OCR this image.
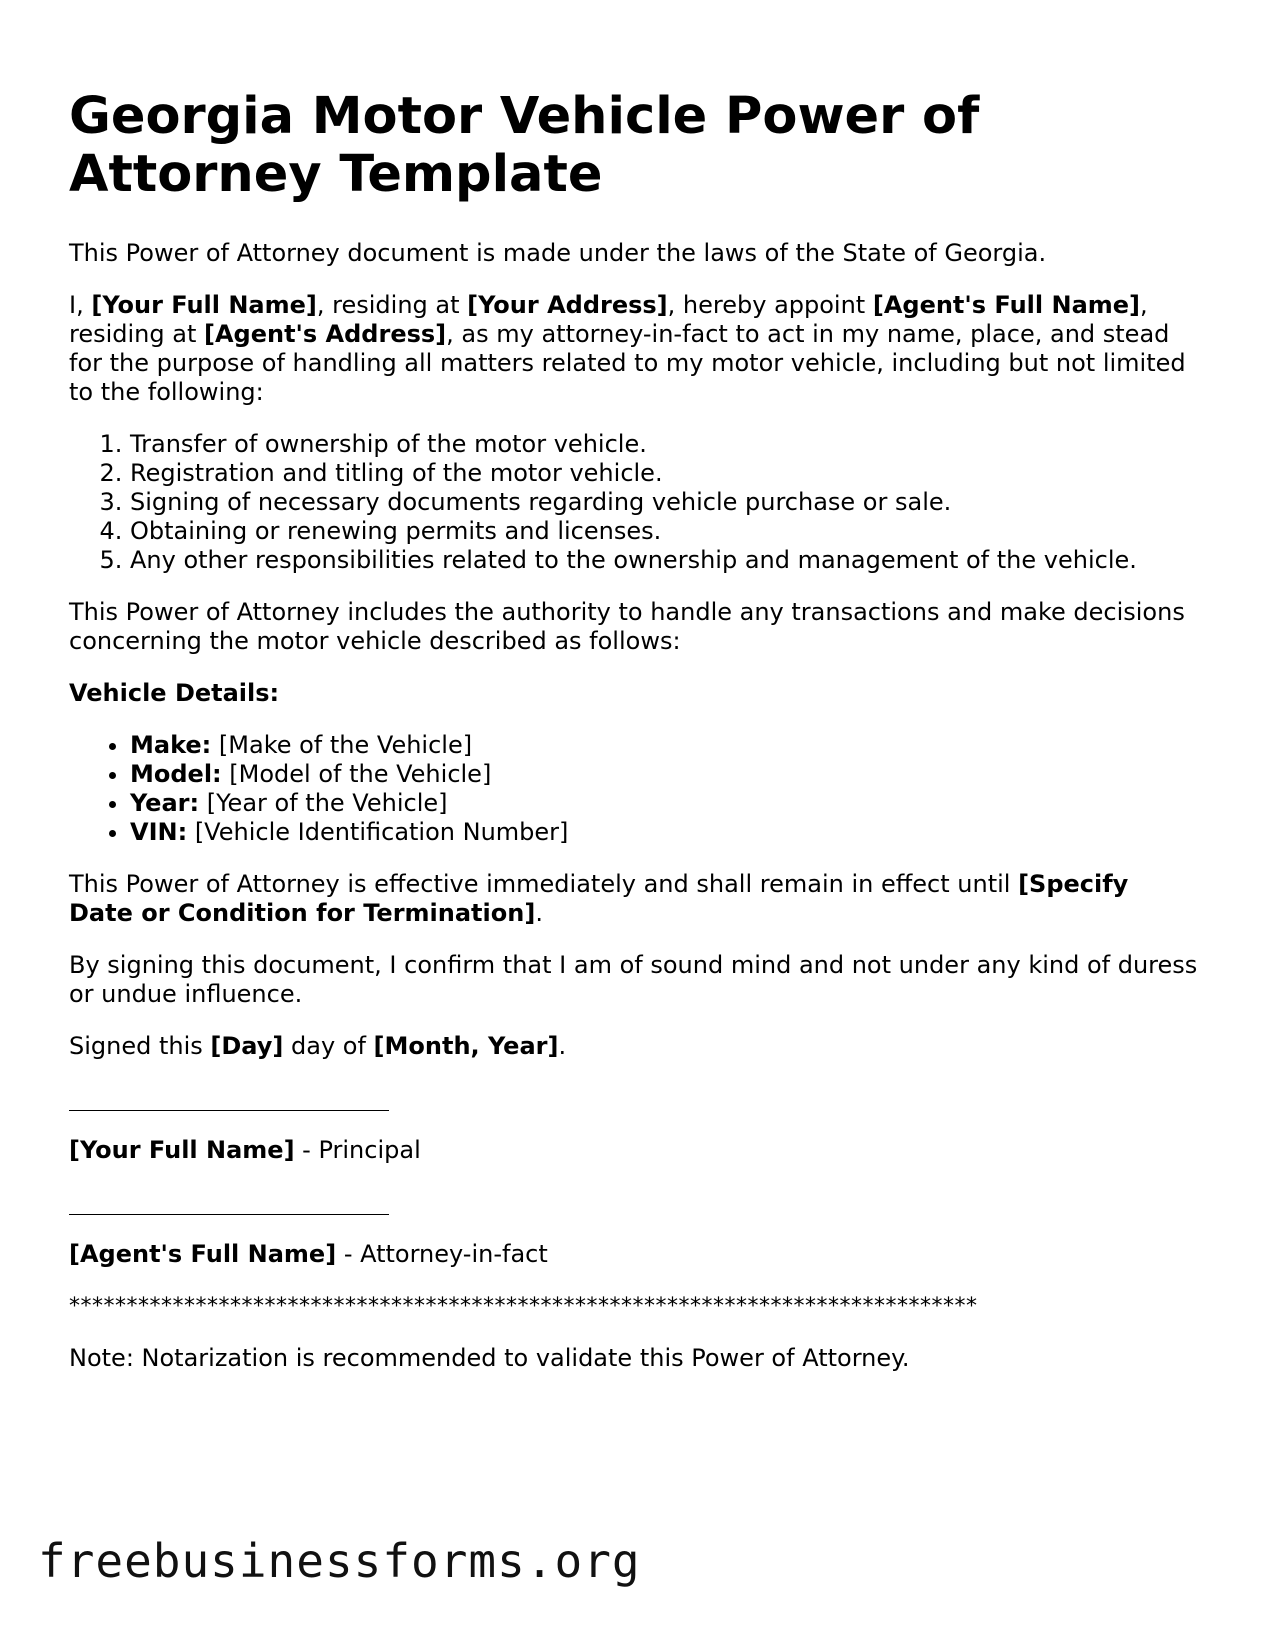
Georgia Motor Vehicle Power of Attorney Template

This Power of Attorney document is made under the laws of the State of Georgia.

I, [Your Full Name], residing at [Your Address], hereby appoint [Agent's Full Name], residing at [Agent's Address], as my attorney-in-fact to act in my name, place, and stead for the purpose of handling all matters related to my motor vehicle, including but not limited to the following:

1. Transfer of ownership of the motor vehicle.
2. Registration and titling of the motor vehicle.
3. Signing of necessary documents regarding vehicle purchase or sale.
4. Obtaining or renewing permits and licenses.
5. Any other responsibilities related to the ownership and management of the vehicle.

This Power of Attorney includes the authority to handle any transactions and make decisions concerning the motor vehicle described as follows:

Vehicle Details:

• Make: [Make of the Vehicle]
• Model: [Model of the Vehicle]
• Year: [Year of the Vehicle]
• VIN: [Vehicle Identification Number]

This Power of Attorney is effective immediately and shall remain in effect until [Specify Date or Condition for Termination].

By signing this document, I confirm that I am of sound mind and not under any kind of duress or undue influence.

Signed this [Day] day of [Month, Year].

[Your Full Name] - Principal

[Agent's Full Name] - Attorney-in-fact

*******************************************************************************

Note: Notarization is recommended to validate this Power of Attorney.

freebusinessforms.org
